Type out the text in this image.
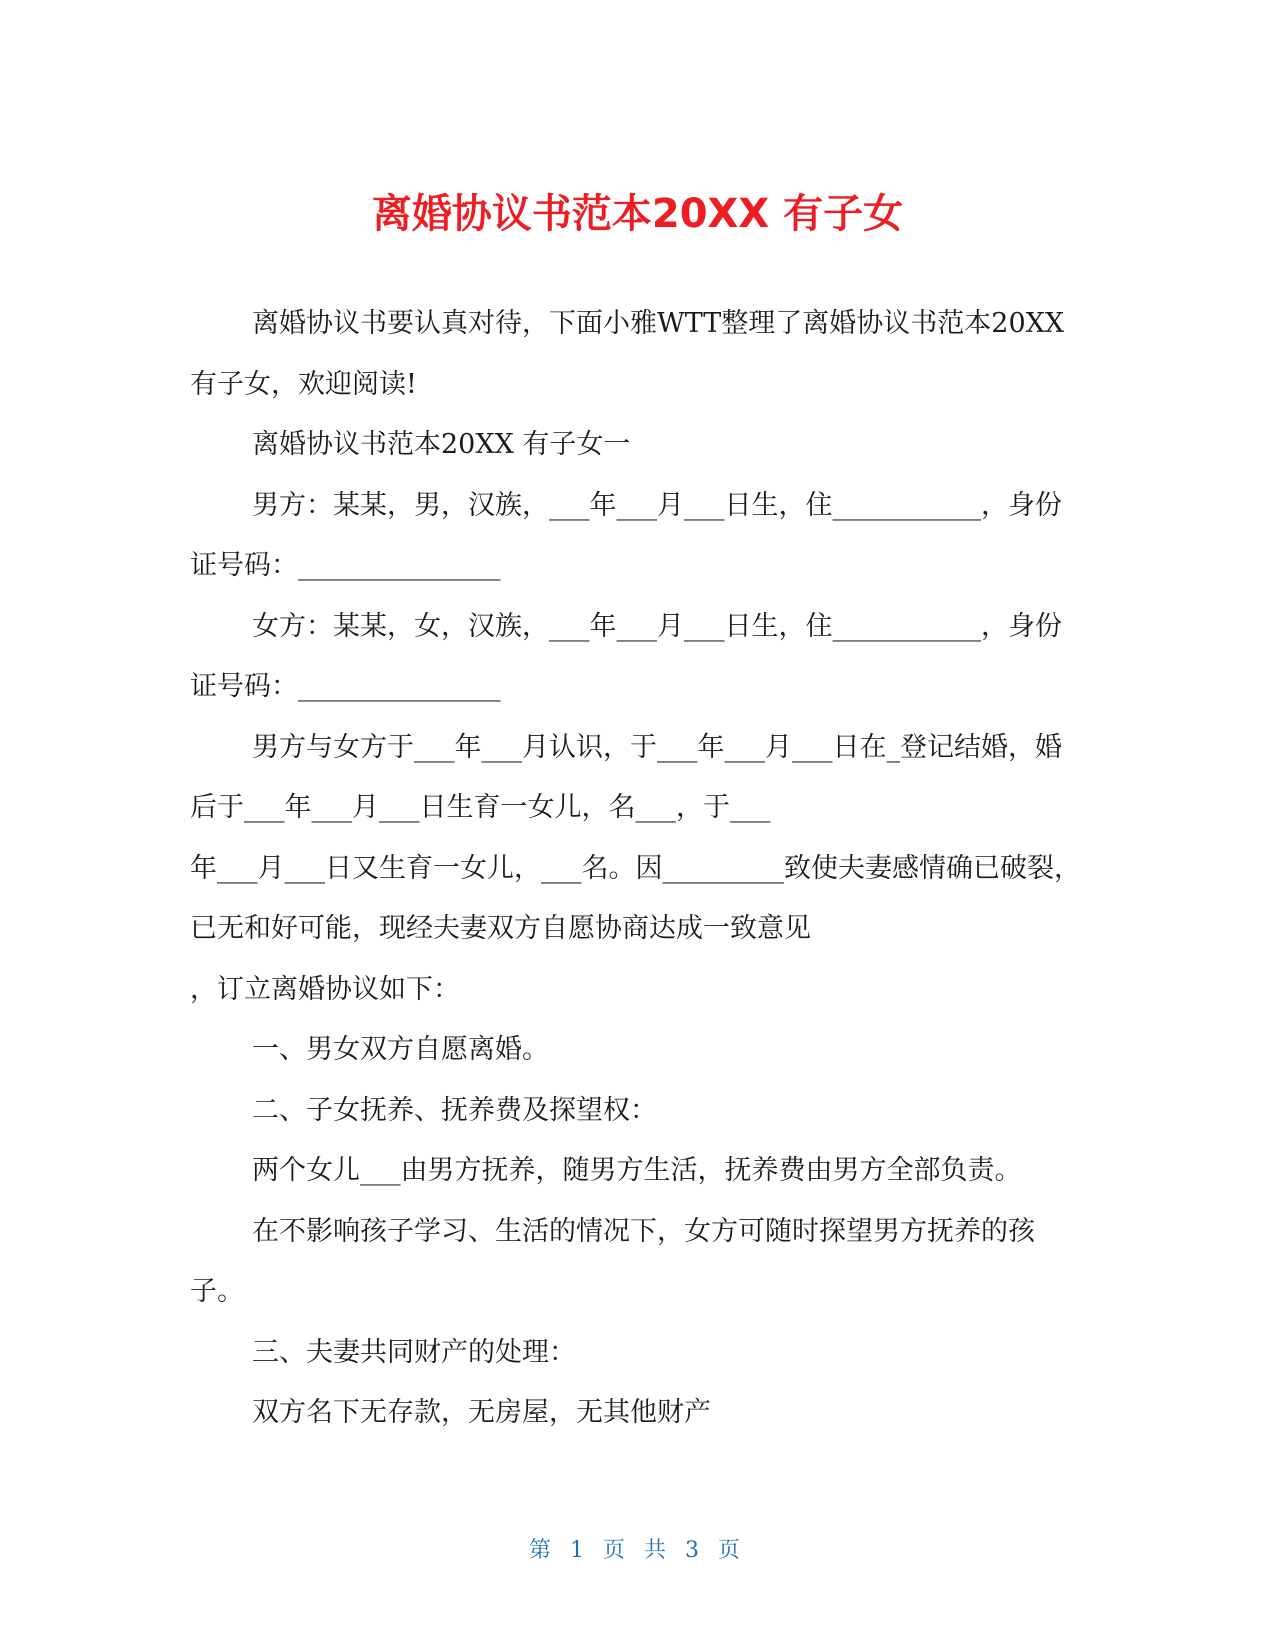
离婚协议书范本20XX 有子女

离婚协议书要认真对待，下面小雅WTT整理了离婚协议书范本20XX 有子女，欢迎阅读!

离婚协议书范本20XX 有子女一

男方：某某，男，汉族，___年___月___日生，住___________，身份证号码：_______________

女方：某某，女，汉族，___年___月___日生，住___________，身份证号码：_______________

男方与女方于___年___月认识，于___年___月___日在_登记结婚，婚后于___年___月___日生育一女儿，名___，于___

年___月___日又生育一女儿，___名。因_________致使夫妻感情确已破裂，已无和好可能，现经夫妻双方自愿协商达成一致意见

，订立离婚协议如下：

一、男女双方自愿离婚。

二、子女抚养、抚养费及探望权：

两个女儿___由男方抚养，随男方生活，抚养费由男方全部负责。

在不影响孩子学习、生活的情况下，女方可随时探望男方抚养的孩子。

三、夫妻共同财产的处理：

双方名下无存款，无房屋，无其他财产

第 1 页 共 3 页
